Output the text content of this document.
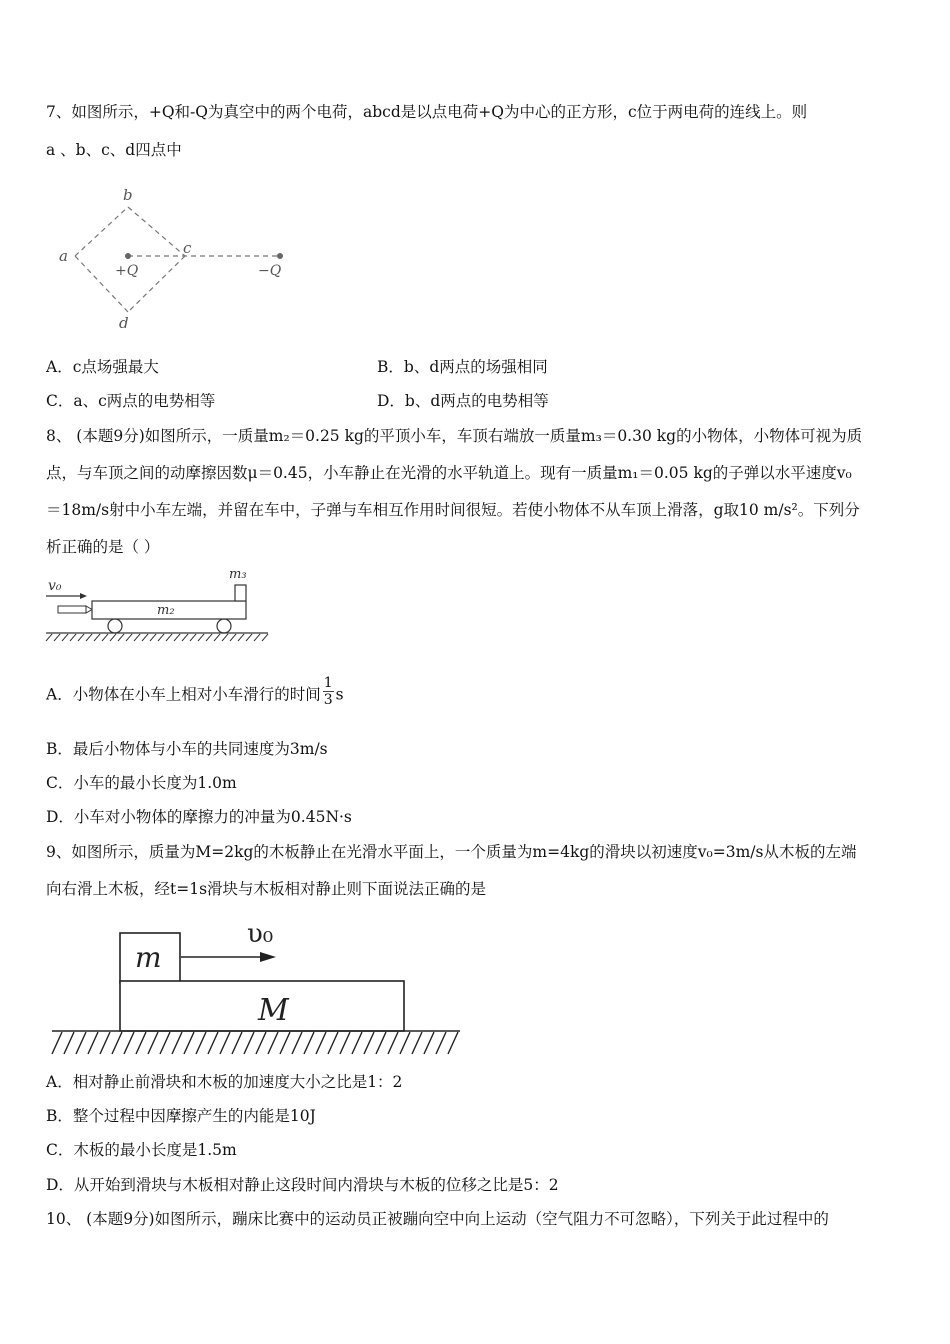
7、如图所示，+Q和-Q为真空中的两个电荷，abcd是以点电荷+Q为中心的正方形，c位于两电荷的连线上。则
a 、b、c、d四点中
b
a	c
d
+Q	−Q
A．c点场强最大	B．b、d两点的场强相同
C．a、c两点的电势相等	D．b、d两点的电势相等
8、 (本题9分)如图所示，一质量m₂＝0.25 kg的平顶小车，车顶右端放一质量m₃＝0.30 kg的小物体，小物体可视为质
点，与车顶之间的动摩擦因数μ＝0.45，小车静止在光滑的水平轨道上。现有一质量m₁＝0.05 kg的子弹以水平速度v₀
＝18m/s射中小车左端，并留在车中，子弹与车相互作用时间很短。若使小物体不从车顶上滑落，g取10 m/s²。下列分
析正确的是（ ）
v₀
m₂
m₃
A．小物体在小车上相对小车滑行的时间 $\frac{1}{3}$ s
B．最后小物体与小车的共同速度为3m/s
C．小车的最小长度为1.0m
D．小车对小物体的摩擦力的冲量为0.45N·s
9、如图所示，质量为M=2kg的木板静止在光滑水平面上，一个质量为m=4kg的滑块以初速度v₀=3m/s从木板的左端
向右滑上木板，经t=1s滑块与木板相对静止则下面说法正确的是
m
υ₀
M
A．相对静止前滑块和木板的加速度大小之比是1：2
B．整个过程中因摩擦产生的内能是10J
C．木板的最小长度是1.5m
D．从开始到滑块与木板相对静止这段时间内滑块与木板的位移之比是5：2
10、 (本题9分)如图所示，蹦床比赛中的运动员正被蹦向空中向上运动（空气阻力不可忽略），下列关于此过程中的
